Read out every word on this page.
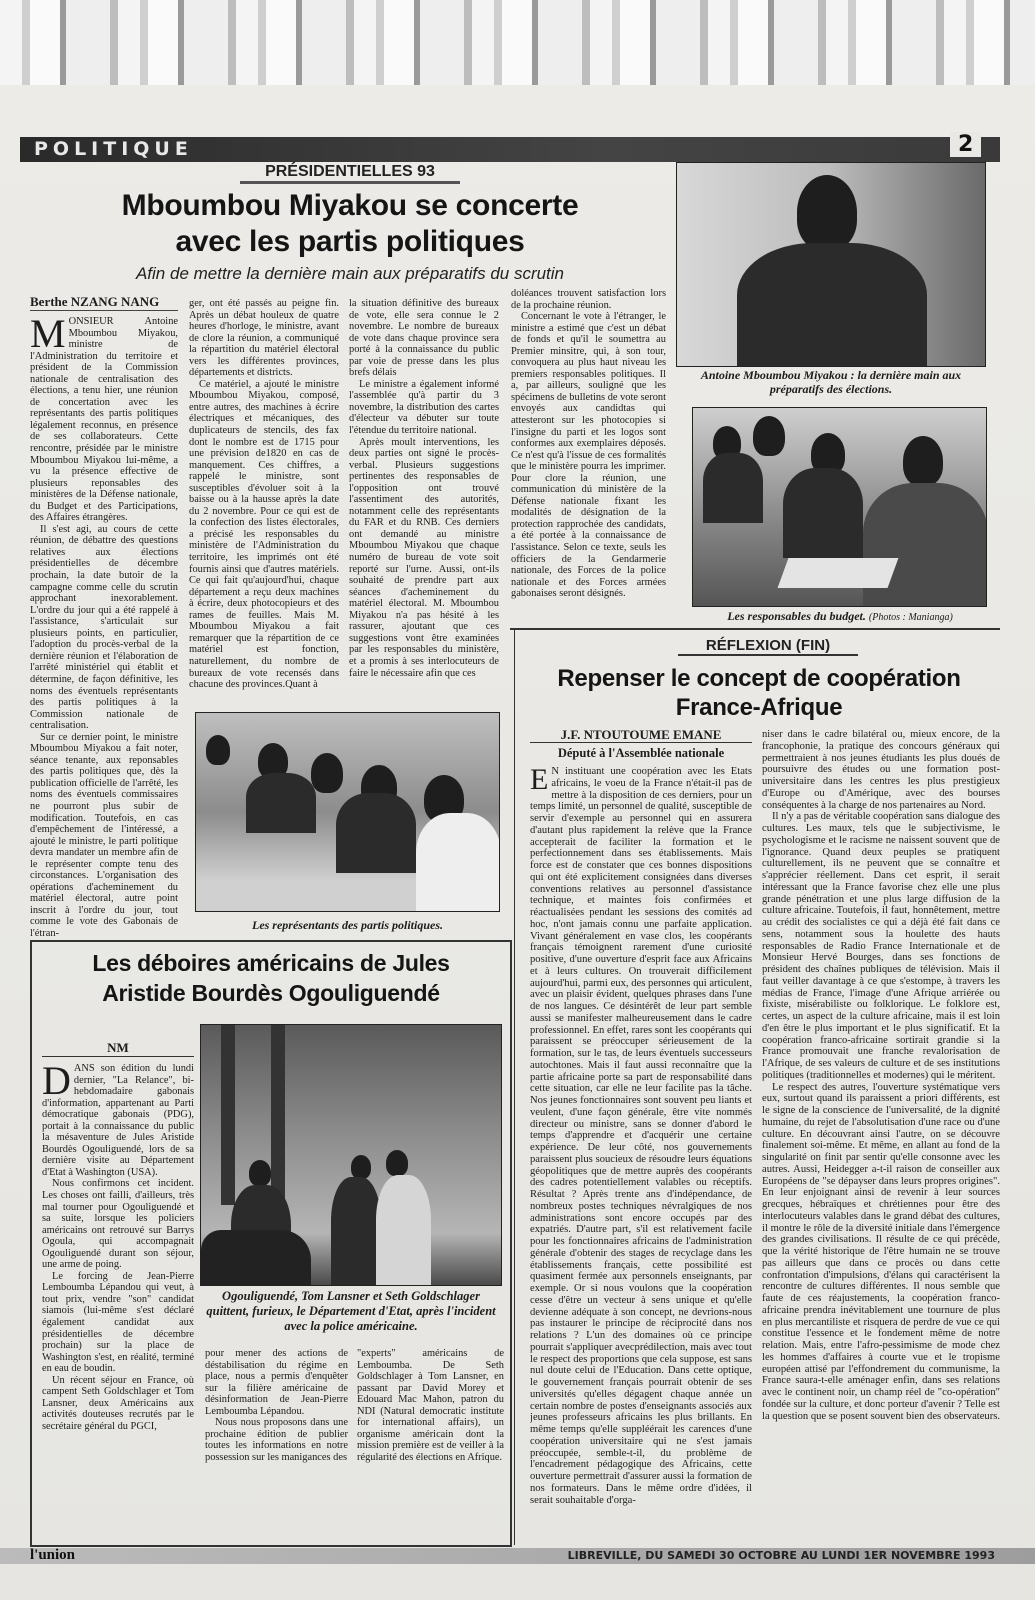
POLITIQUE	2
PRÉSIDENTIELLES 93
Mboumbou Miyakou se concerte
avec les partis politiques
Afin de mettre la dernière main aux préparatifs du scrutin
Berthe NZANG NANG

MONSIEUR Antoine Mboumbou Miyakou, ministre de l'Administration du territoire et président de la Commission nationale de centralisation des élections, a tenu hier, une réunion de concertation avec les représentants des partis politiques légalement reconnus, en présence de ses collaborateurs. Cette rencontre, présidée par le ministre Mboumbou Miyakou lui-même, a vu la présence effective de plusieurs reponsables des ministères de la Défense nationale, du Budget et des Participations, des Affaires étrangères.

Il s'est agi, au cours de cette réunion, de débattre des questions relatives aux élections présidentielles de décembre prochain, la date butoir de la campagne comme celle du scrutin approchant inexorablement. L'ordre du jour qui a été rappelé à l'assistance, s'articulait sur plusieurs points, en particulier, l'adoption du procès-verbal de la dernière réunion et l'élaboration de l'arrêté ministériel qui établit et détermine, de façon définitive, les noms des éventuels représentants des partis politiques à la Commission nationale de centralisation.

Sur ce dernier point, le ministre Mboumbou Miyakou a fait noter, séance tenante, aux reponsables des partis politiques que, dès la publication officielle de l'arrêté, les noms des éventuels commissaires ne pourront plus subir de modification. Toutefois, en cas d'empêchement de l'intéressé, a ajouté le ministre, le parti politique devra mandater un membre afin de le représenter compte tenu des circonstances. L'organisation des opérations d'acheminement du matériel électoral, autre point inscrit à l'ordre du jour, tout comme le vote des Gabonais de l'étran-

ger, ont été passés au peigne fin. Après un débat houleux de quatre heures d'horloge, le ministre, avant de clore la réunion, a communiqué la répartition du matériel électoral vers les différentes provinces, départements et districts.

Ce matériel, a ajouté le ministre Mboumbou Miyakou, composé, entre autres, des machines à écrire électriques et mécaniques, des duplicateurs de stencils, des fax dont le nombre est de 1715 pour une prévision de1820 en cas de manquement. Ces chiffres, a rappelé le ministre, sont susceptibles d'évoluer soit à la baisse ou à la hausse après la date du 2 novembre. Pour ce qui est de la confection des listes électorales, a précisé les responsables du ministère de l'Administration du territoire, les imprimés ont été fournis ainsi que d'autres matériels. Ce qui fait qu'aujourd'hui, chaque département a reçu deux machines à écrire, deux photocopieurs et des rames de feuilles. Mais M. Mboumbou Miyakou a fait remarquer que la répartition de ce matériel est fonction, naturellement, du nombre de bureaux de vote recensés dans chacune des provinces.Quant à

la situation définitive des bureaux de vote, elle sera connue le 2 novembre. Le nombre de bureaux de vote dans chaque province sera porté à la connaissance du public par voie de presse dans les plus brefs délais

Le ministre a également informé l'assemblée qu'à partir du 3 novembre, la distribution des cartes d'électeur va débuter sur toute l'étendue du territoire national.

Après moult interventions, les deux parties ont signé le procès-verbal. Plusieurs suggestions pertinentes des responsables de l'opposition ont trouvé l'assentiment des autorités, notamment celle des représentants du FAR et du RNB. Ces derniers ont demandé au ministre Mboumbou Miyakou que chaque numéro de bureau de vote soit reporté sur l'urne. Aussi, ont-ils souhaité de prendre part aux séances d'acheminement du matériel électoral. M. Mboumbou Miyakou n'a pas hésité à les rassurer, ajoutant que ces suggestions vont être examinées par les responsables du ministère, et a promis à ses interlocuteurs de faire le nécessaire afin que ces

doléances trouvent satisfaction lors de la prochaine réunion.

Concernant le vote à l'étranger, le ministre a estimé que c'est un débat de fonds et qu'il le soumettra au Premier minsitre, qui, à son tour, convoquera au plus haut niveau les premiers responsables politiques. Il a, par ailleurs, souligné que les spécimens de bulletins de vote seront envoyés aux candidtas qui attesteront sur les photocopies si l'insigne du parti et les logos sont conformes aux exemplaires déposés. Ce n'est qu'à l'issue de ces formalités que le ministère pourra les imprimer. Pour clore la réunion, une communication dú ministère de la Défense nationale fixant les modalités de désignation de la protection rapprochée des candidats, a été portée à la connaissance de l'assistance. Selon ce texte, seuls les officiers de la Gendarmerie nationale, des Forces de la police nationale et des Forces armées gabonaises seront désignés.

Antoine Mboumbou Miyakou : la dernière main aux préparatifs des élections.
Les responsables du budget. (Photos : Manianga)
Les représentants des partis politiques.
RÉFLEXION (FIN)
Repenser le concept de coopération
France-Afrique
J.F. NTOUTOUME EMANE
Député à l'Assemblée nationale

E N instituant une coopération avec les Etats africains, le voeu de la France n'était-il pas de mettre à la disposition de ces derniers, pour un temps limité, un personnel de qualité, susceptible de servir d'exemple au personnel qui en assurera d'autant plus rapidement la relève que la France accepterait de faciliter la formation et le perfectionnement dans ses établissements. Mais force est de constater que ces bonnes dispositions qui ont été explicitement consignées dans diverses conventions relatives au personnel d'assistance technique, et maintes fois confirmées et réactualisées pendant les sessions des comités ad hoc, n'ont jamais connu une parfaite application. Vivant généralement en vase clos, les coopérants français témoignent rarement d'une curiosité positive, d'une ouverture d'esprit face aux Africains et à leurs cultures. On trouverait difficilement aujourd'hui, parmi eux, des personnes qui articulent, avec un plaisir évident, quelques phrases dans l'une de nos langues. Ce désintérêt de leur part semble aussi se manifester malheureusement dans le cadre professionnel. En effet, rares sont les coopérants qui paraissent se préoccuper sérieusement de la formation, sur le tas, de leurs éventuels successeurs autochtones. Mais il faut aussi reconnaître que la partie africaine porte sa part de responsabilité dans cette situation, car elle ne leur facilite pas la tâche. Nos jeunes fonctionnaires sont souvent peu liants et veulent, d'une façon générale, être vite nommés directeur ou ministre, sans se donner d'abord le temps d'apprendre et d'acquérir une certaine expérience. De leur côté, nos gouvernements paraissent plus soucieux de résoudre leurs équations géopolitiques que de mettre auprès des coopérants des cadres potentiellement valables ou réceptifs. Résultat ? Après trente ans d'indépendance, de nombreux postes techniques névralgiques de nos administrations sont encore occupés par des expatriés. D'autre part, s'il est relativement facile pour les fonctionnaires africains de l'administration générale d'obtenir des stages de recyclage dans les établissements français, cette possibilité est quasiment fermée aux personnels enseignants, par exemple. Or si nous voulons que la coopération cesse d'être un vecteur à sens unique et qu'elle devienne adéquate à son concept, ne devrions-nous pas instaurer le principe de réciprocité dans nos relations ? L'un des domaines où ce principe pourrait s'appliquer avecprédilection, mais avec tout le respect des proportions que cela suppose, est sans nul doute celui de l'Education. Dans cette optique, le gouvernement français pourrait obtenir de ses universités qu'elles dégagent chaque année un certain nombre de postes d'enseignants associés aux jeunes professeurs africains les plus brillants. En même temps qu'elle suppléérait les carences d'une coopération universitaire qui ne s'est jamais préoccupée, semble-t-il, du problème de l'encadrement pédagogique des Africains, cette ouverture permettrait d'assurer aussi la formation de nos formateurs. Dans le même ordre d'idées, il serait souhaitable d'orga-

niser dans le cadre bilatéral ou, mieux encore, de la francophonie, la pratique des concours généraux qui permettraient à nos jeunes étudiants les plus doués de poursuivre des études ou une formation post-universitaire dans les centres les plus prestigieux d'Europe ou d'Amérique, avec des bourses conséquentes à la charge de nos partenaires au Nord.

Il n'y a pas de véritable coopération sans dialogue des cultures. Les maux, tels que le subjectivisme, le psychologisme et le racisme ne naissent souvent que de l'ignorance. Quand deux peuples se pratiquent culturellement, ils ne peuvent que se connaître et s'apprécier réellement. Dans cet esprit, il serait intéressant que la France favorise chez elle une plus grande pénétration et une plus large diffusion de la culture africaine. Toutefois, il faut, honnêtement, mettre au crédit des socialistes ce qui a déjà été fait dans ce sens, notamment sous la houlette des hauts responsables de Radio France Internationale et de Monsieur Hervé Bourges, dans ses fonctions de président des chaînes publiques de télévision. Mais il faut veiller davantage à ce que s'estompe, à travers les médias de France, l'image d'une Afrique arriérée ou fixiste, misérabiliste ou folklorique. Le folklore est, certes, un aspect de la culture africaine, mais il est loin d'en être le plus important et le plus significatif. Et la coopération franco-africaine sortirait grandie si la France promouvait une franche revalorisation de l'Afrique, de ses valeurs de culture et de ses institutions politiques (traditionnelles et modernes) qui le méritent.

Le respect des autres, l'ouverture systématique vers eux, surtout quand ils paraissent a priori différents, est le signe de la conscience de l'universalité, de la dignité humaine, du rejet de l'absolutisation d'une race ou d'une culture. En découvrant ainsi l'autre, on se découvre finalement soi-même. Et même, en allant au fond de la singularité on finit par sentir qu'elle consonne avec les autres. Aussi, Heidegger a-t-il raison de conseiller aux Européens de "se dépayser dans leurs propres origines". En leur enjoignant ainsi de revenir à leur sources grecques, hébraïques et chrétiennes pour être des interlocuteurs valables dans le grand débat des cultures, il montre le rôle de la diversité initiale dans l'émergence des grandes civilisations. Il résulte de ce qui précède, que la vérité historique de l'être humain ne se trouve pas ailleurs que dans ce procès ou dans cette confrontation d'impulsions, d'élans qui caractérisent la rencontre de cultures différentes. Il nous semble que faute de ces réajustements, la coopération franco-africaine prendra inévitablement une tournure de plus en plus mercantiliste et risquera de perdre de vue ce qui constitue l'essence et le fondement même de notre relation. Mais, entre l'afro-pessimisme de mode chez les hommes d'affaires à courte vue et le tropisme européen attisé par l'effondrement du communisme, la France saura-t-elle aménager enfin, dans ses relations avec le continent noir, un champ réel de "co-opération" fondée sur la culture, et donc porteur d'avenir ? Telle est la question que se posent souvent bien des observateurs.

Les déboires américains de Jules
Aristide Bourdès Ogouliguendé
NM

DANS son édition du lundi dernier, "La Relance", bi-hebdomadaire gabonais d'information, appartenant au Parti démocratique gabonais (PDG), portait à la connaissance du public la mésaventure de Jules Aristide Bourdès Ogouliguendé, lors de sa dernière visite au Département d'Etat à Washington (USA).

Nous confirmons cet incident. Les choses ont failli, d'ailleurs, très mal tourner pour Ogouliguendé et sa suite, lorsque les policiers américains ont retrouvé sur Barrys Ogoula, qui accompagnait Ogouliguendé durant son séjour, une arme de poing.

Le forcing de Jean-Pierre Lemboumba Lépandou qui veut, à tout prix, vendre "son" candidat siamois (lui-même s'est déclaré également candidat aux présidentielles de décembre prochain) sur la place de Washington s'est, en réalité, terminé en eau de boudin.

Un récent séjour en France, où campent Seth Goldschlager et Tom Lansner, deux Américains aux activités douteuses recrutés par le secrétaire général du PGCI,

Ogouliguendé, Tom Lansner et Seth Goldschlager quittent, furieux, le Département d'Etat, après l'incident avec la police américaine.

pour mener des actions de déstabilisation du régime en place, nous a permis d'enquêter sur la filière américaine de désinformation de Jean-Pierre Lemboumba Lépandou.

Nous nous proposons dans une prochaine édition de publier toutes les informations en notre possession sur les manigances des

"experts" américains de Lemboumba. De Seth Goldschlager à Tom Lansner, en passant par David Morey et Edouard Mac Mahon, patron du NDI (Natural democratic institute for international affairs), un organisme américain dont la mission première est de veiller à la régularité des élections en Afrique.

l'union	LIBREVILLE, DU SAMEDI 30 OCTOBRE AU LUNDI 1ER NOVEMBRE 1993
